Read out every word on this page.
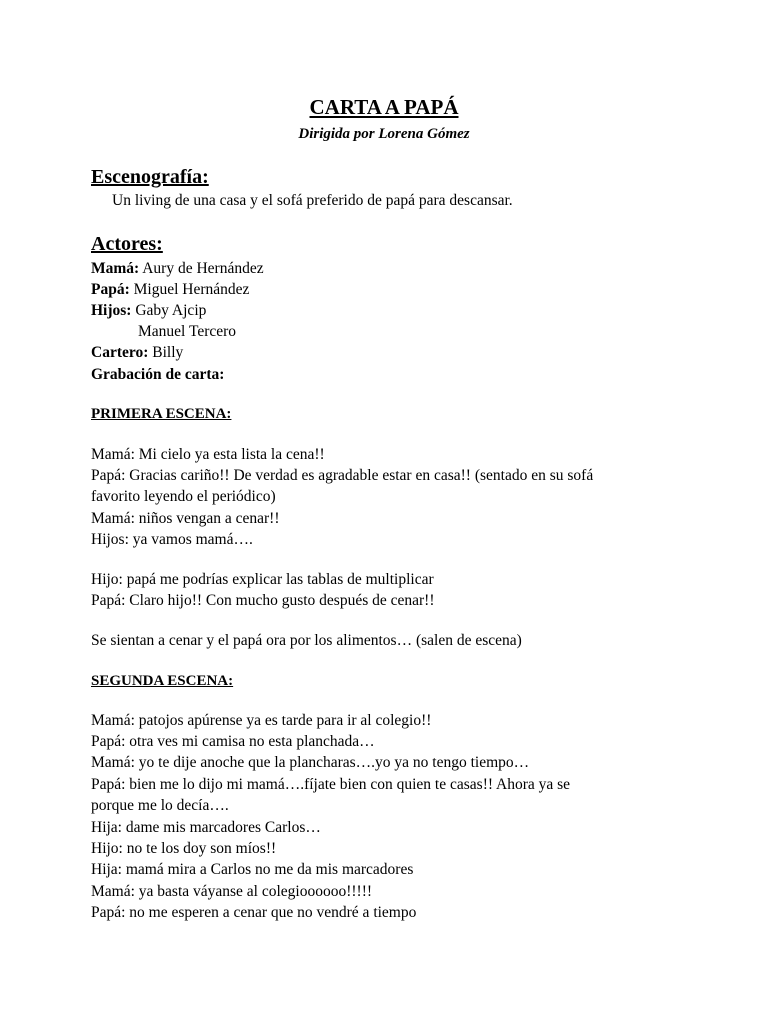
CARTA A PAPÁ

Dirigida por Lorena Gómez

Escenografía:

Un living de una casa y el sofá preferido de papá para descansar.

Actores:

Mamá: Aury de Hernández

Papá: Miguel Hernández

Hijos: Gaby Ajcip

Manuel Tercero

Cartero: Billy

Grabación de carta:

PRIMERA ESCENA:

Mamá: Mi cielo ya esta lista la cena!!

Papá: Gracias cariño!! De verdad es agradable estar en casa!! (sentado en su sofá

favorito leyendo el periódico)

Mamá: niños vengan a cenar!!

Hijos: ya vamos mamá….

Hijo: papá me podrías explicar las tablas de multiplicar

Papá: Claro hijo!! Con mucho gusto después de cenar!!

Se sientan a cenar y el papá ora por los alimentos… (salen de escena)

SEGUNDA ESCENA:

Mamá: patojos apúrense ya es tarde para ir al colegio!!

Papá: otra ves mi camisa no esta planchada…

Mamá: yo te dije anoche que la plancharas….yo ya no tengo tiempo…

Papá: bien me lo dijo mi mamá….fíjate bien con quien te casas!! Ahora ya se

porque me lo decía….

Hija: dame mis marcadores Carlos…

Hijo: no te los doy son míos!!

Hija: mamá mira a Carlos no me da mis marcadores

Mamá: ya basta váyanse al colegioooooo!!!!!

Papá: no me esperen a cenar que no vendré a tiempo
